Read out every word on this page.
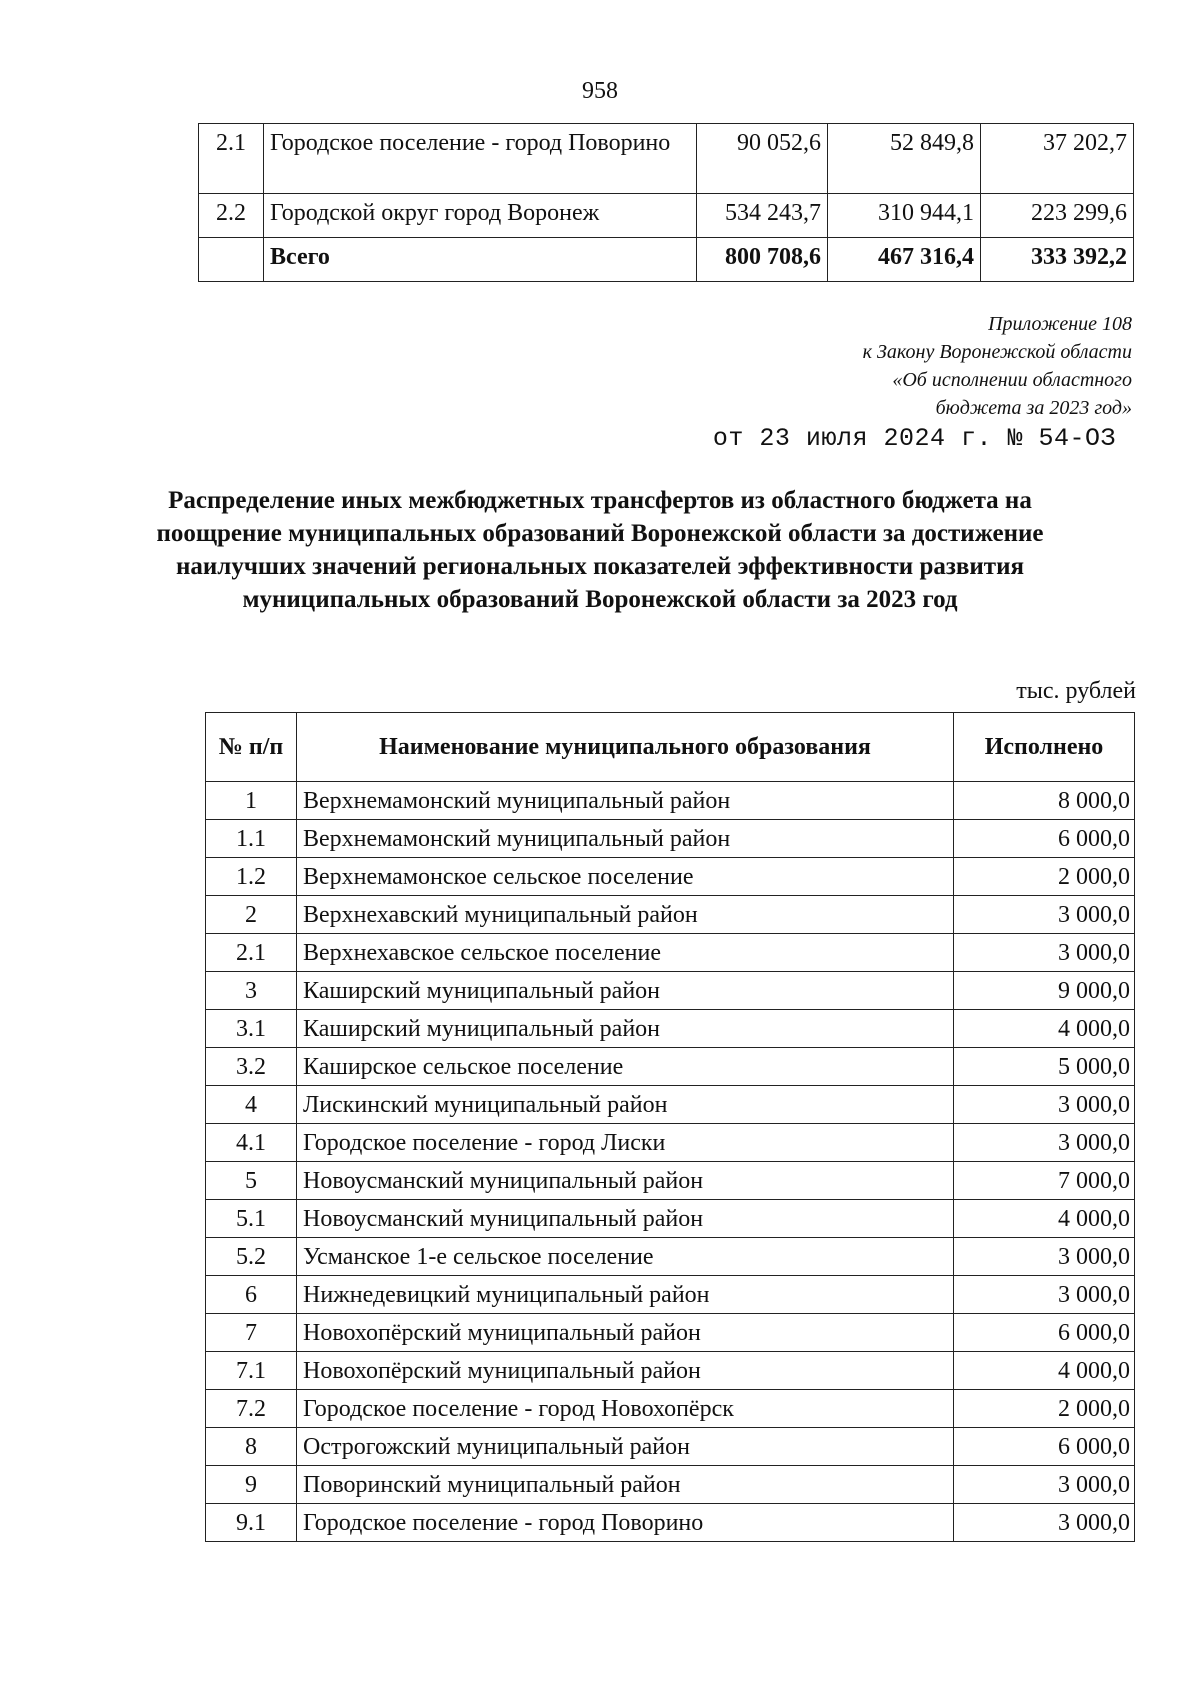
958
2.1	Городское поселение - город Поворино	90 052,6	52 849,8	37 202,7
2.2	Городской округ город Воронеж	534 243,7	310 944,1	223 299,6
	Всего	800 708,6	467 316,4	333 392,2
Приложение 108
к Закону Воронежской области
«Об исполнении областного
бюджета за 2023 год»
от 23 июля 2024 г. № 54-ОЗ
Распределение иных межбюджетных трансфертов из областного бюджета на поощрение муниципальных образований Воронежской области за достижение наилучших значений региональных показателей эффективности развития муниципальных образований Воронежской области за 2023 год
тыс. рублей
№ п/п	Наименование муниципального образования	Исполнено
1	Верхнемамонский муниципальный район	8 000,0
1.1	Верхнемамонский муниципальный район	6 000,0
1.2	Верхнемамонское сельское поселение	2 000,0
2	Верхнехавский муниципальный район	3 000,0
2.1	Верхнехавское сельское поселение	3 000,0
3	Каширский муниципальный район	9 000,0
3.1	Каширский муниципальный район	4 000,0
3.2	Каширское сельское поселение	5 000,0
4	Лискинский муниципальный район	3 000,0
4.1	Городское поселение - город Лиски	3 000,0
5	Новоусманский муниципальный район	7 000,0
5.1	Новоусманский муниципальный район	4 000,0
5.2	Усманское 1-е сельское поселение	3 000,0
6	Нижнедевицкий муниципальный район	3 000,0
7	Новохопёрский муниципальный район	6 000,0
7.1	Новохопёрский муниципальный район	4 000,0
7.2	Городское поселение - город Новохопёрск	2 000,0
8	Острогожский муниципальный район	6 000,0
9	Поворинский муниципальный район	3 000,0
9.1	Городское поселение - город Поворино	3 000,0
